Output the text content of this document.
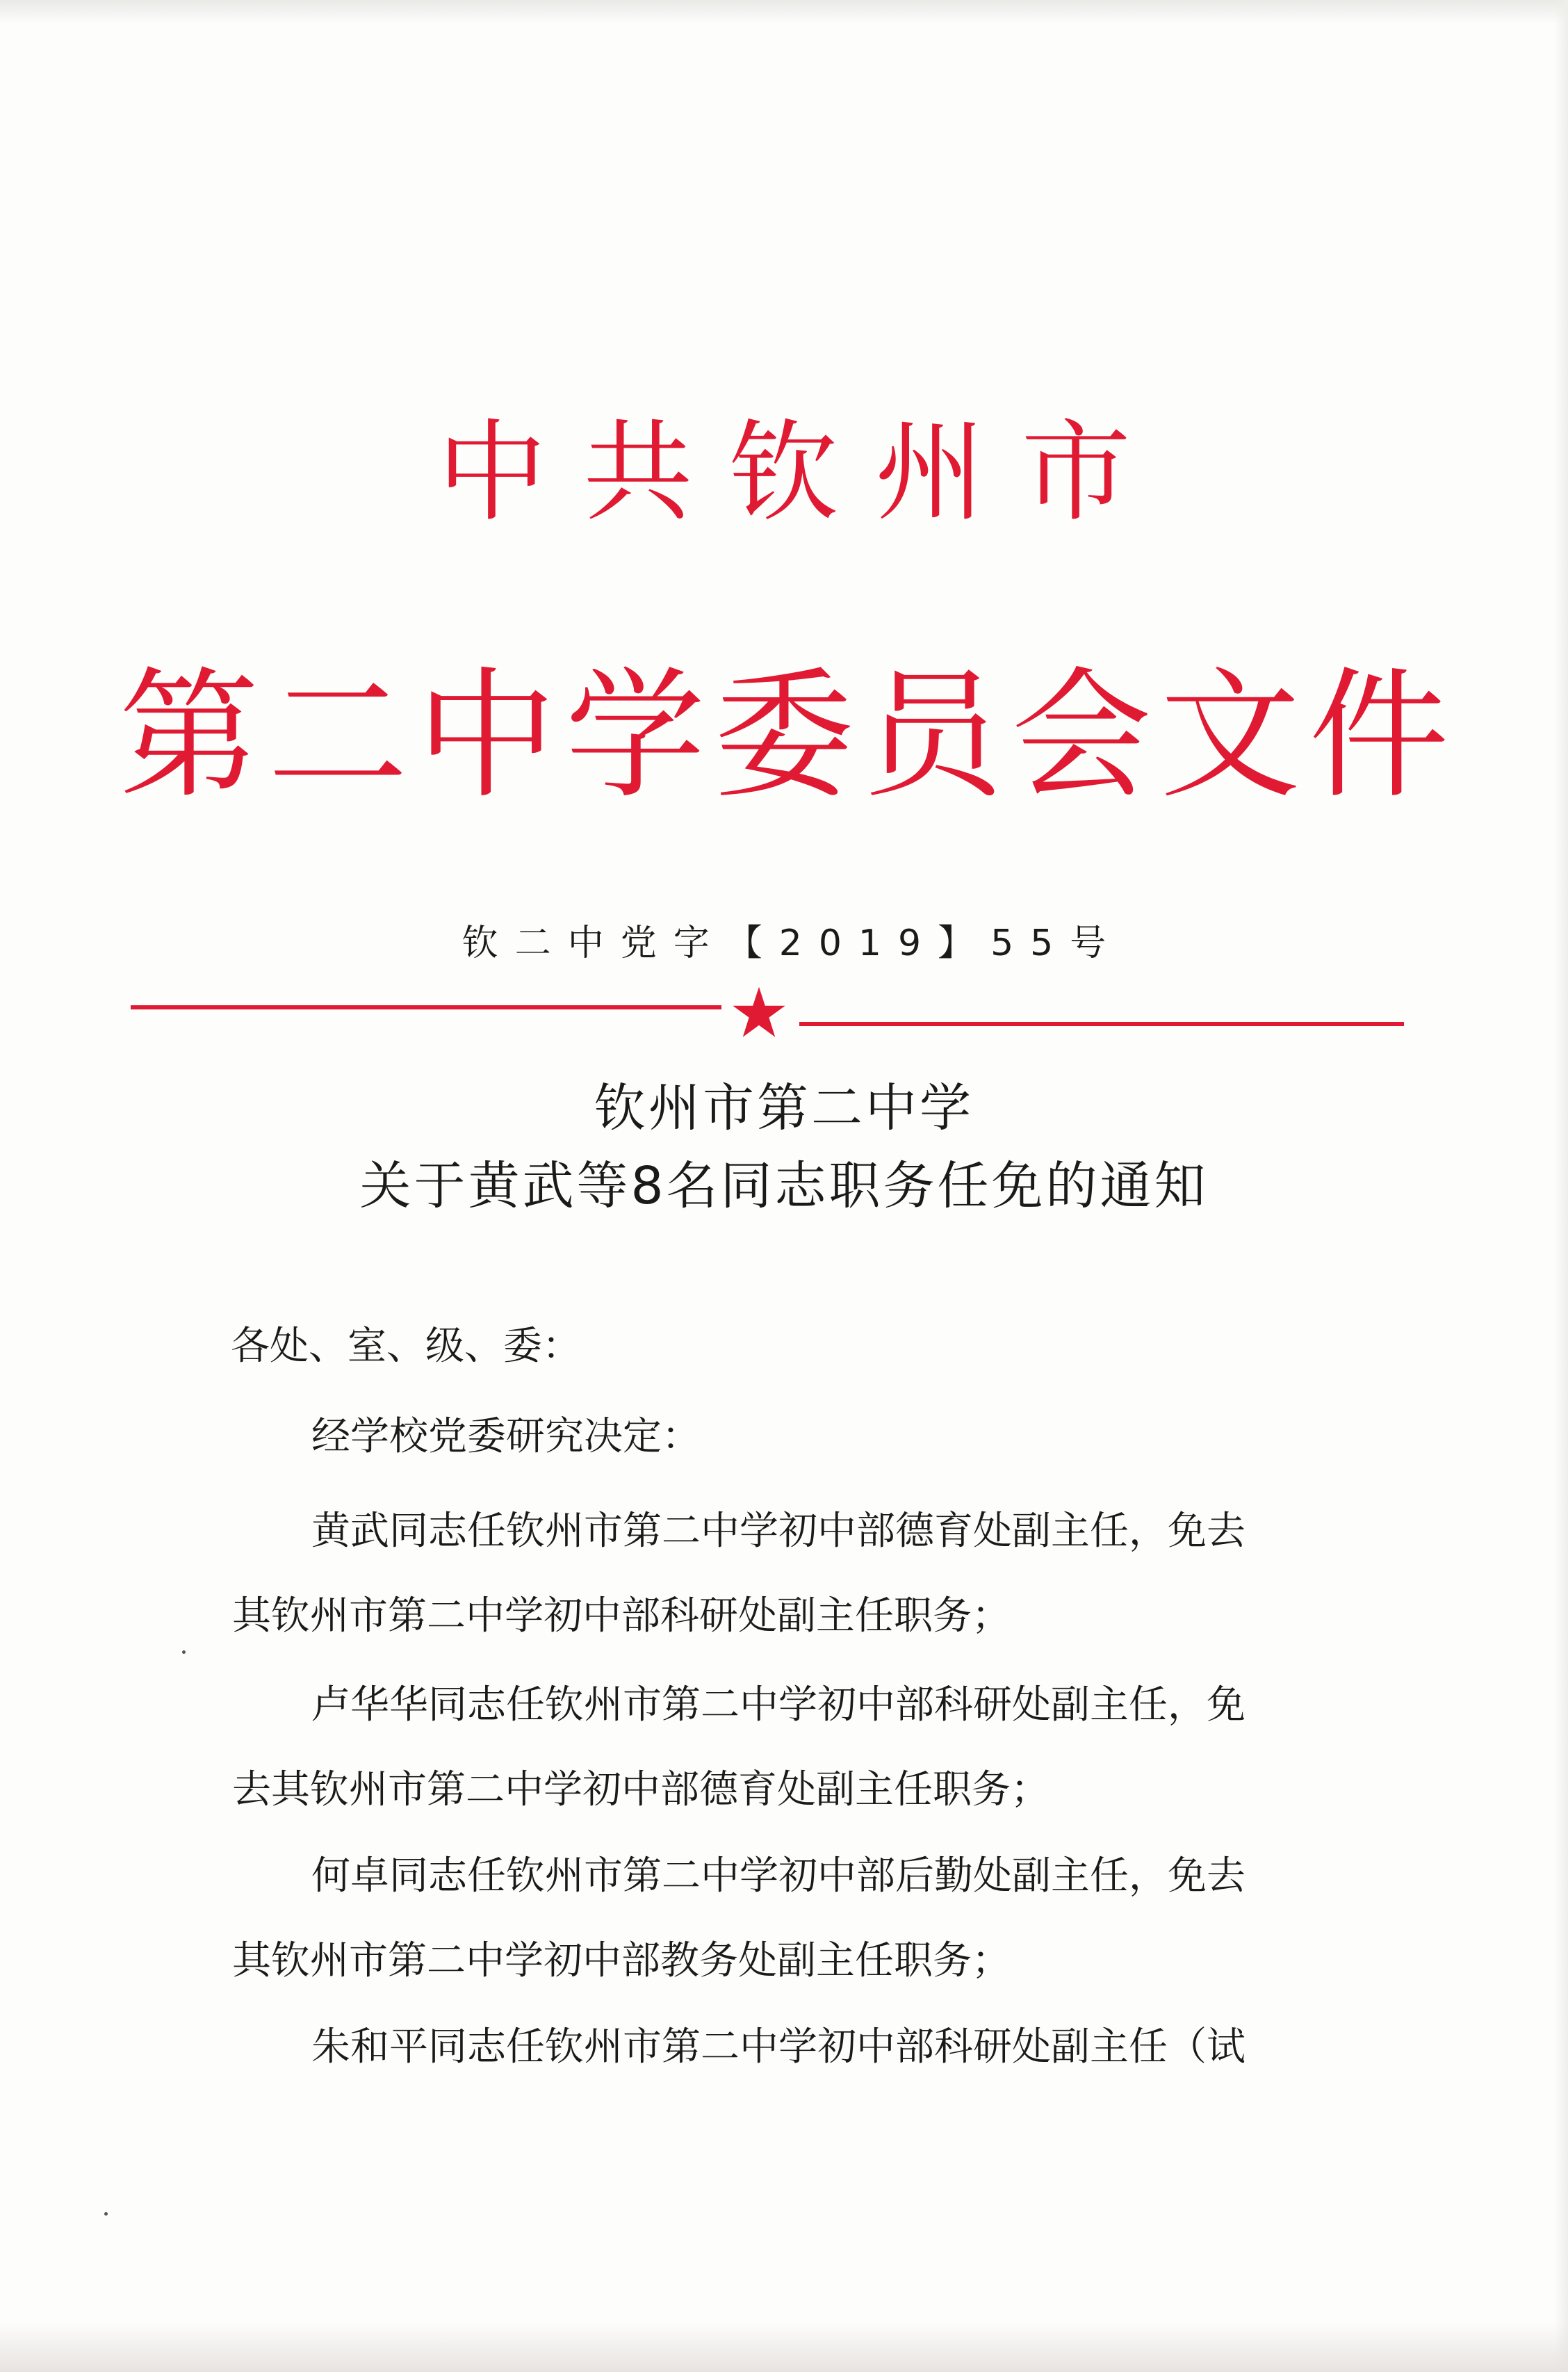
中共钦州市
第二中学委员会文件
钦二中党字【2019】55号
钦州市第二中学
关于黄武等8名同志职务任免的通知
各处、室、级、委：
经学校党委研究决定：
黄武同志任钦州市第二中学初中部德育处副主任，免去
其钦州市第二中学初中部科研处副主任职务；
卢华华同志任钦州市第二中学初中部科研处副主任，免
去其钦州市第二中学初中部德育处副主任职务；
何卓同志任钦州市第二中学初中部后勤处副主任，免去
其钦州市第二中学初中部教务处副主任职务；
朱和平同志任钦州市第二中学初中部科研处副主任（试
